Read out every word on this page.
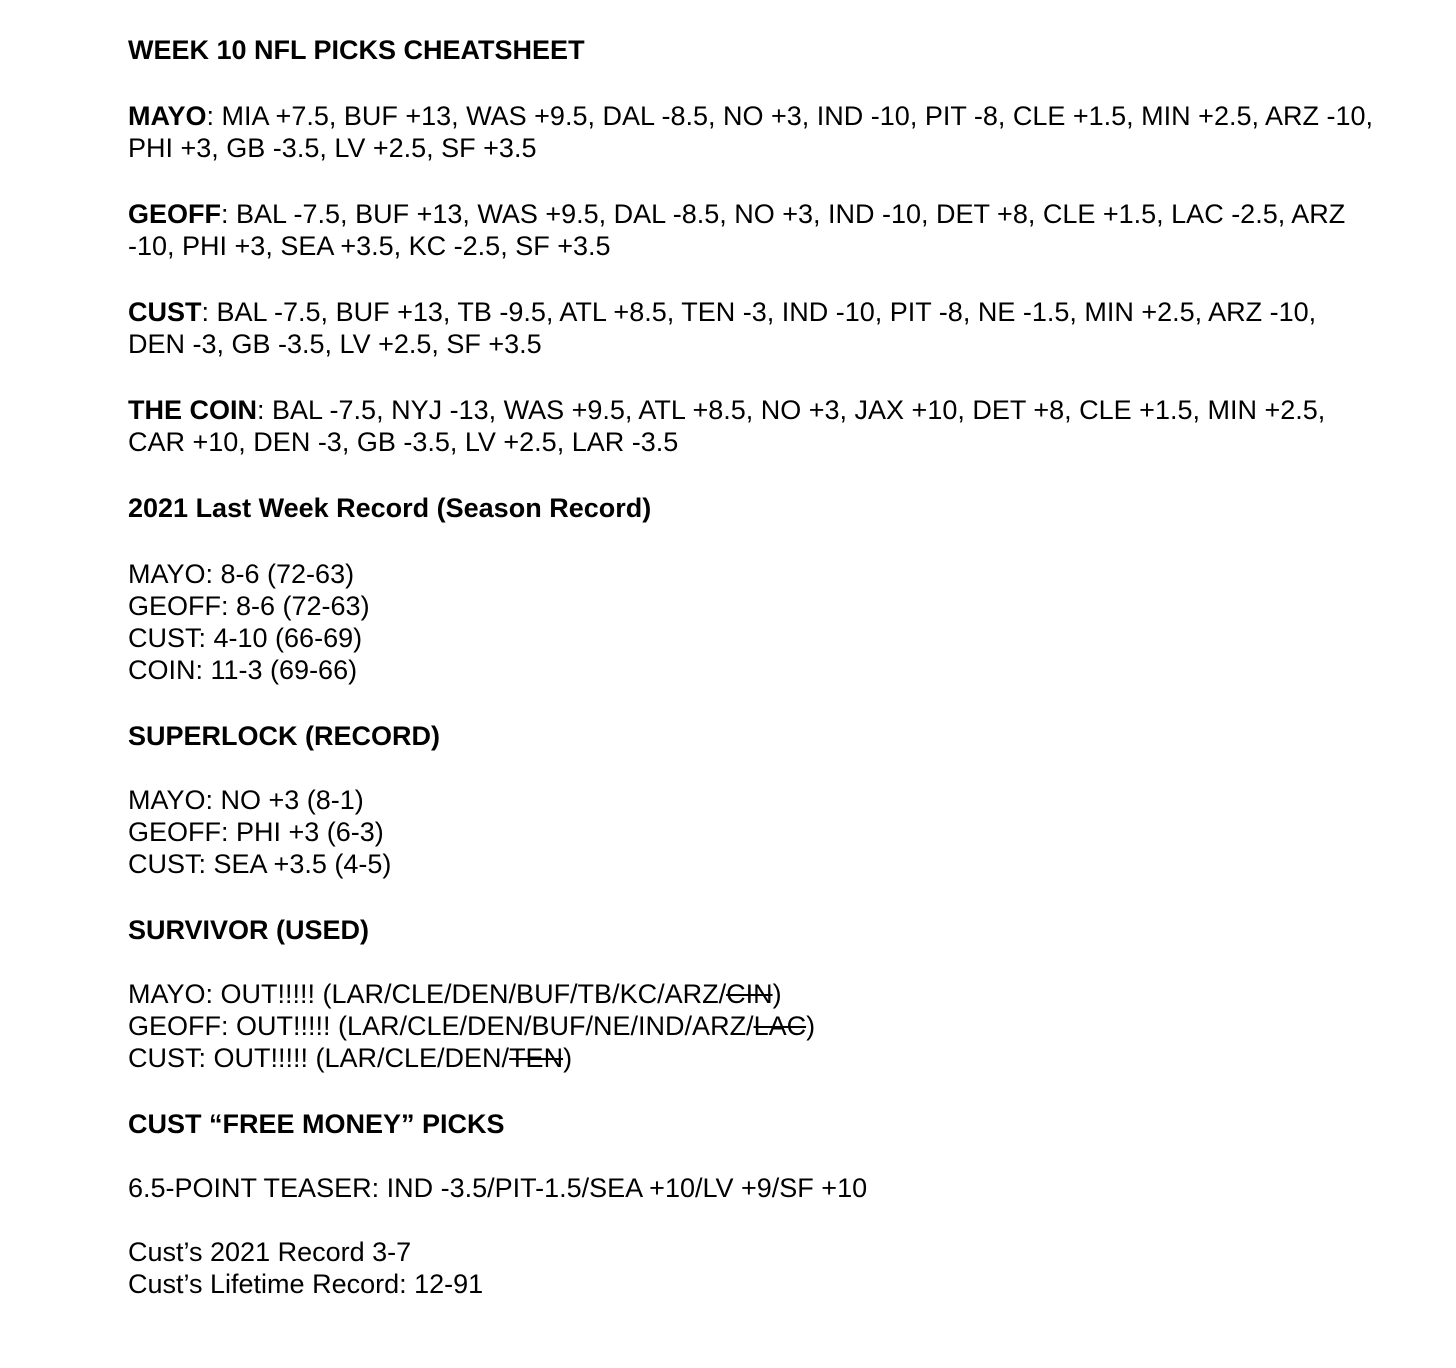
WEEK 10 NFL PICKS CHEATSHEET

MAYO: MIA +7.5, BUF +13, WAS +9.5, DAL -8.5, NO +3, IND -10, PIT -8, CLE +1.5, MIN +2.5, ARZ -10, PHI +3, GB -3.5, LV +2.5, SF +3.5

GEOFF: BAL -7.5, BUF +13, WAS +9.5, DAL -8.5, NO +3, IND -10, DET +8, CLE +1.5, LAC -2.5, ARZ -10, PHI +3, SEA +3.5, KC -2.5, SF +3.5

CUST: BAL -7.5, BUF +13, TB -9.5, ATL +8.5, TEN -3, IND -10, PIT -8, NE -1.5, MIN +2.5, ARZ -10, DEN -3, GB -3.5, LV +2.5, SF +3.5

THE COIN: BAL -7.5, NYJ -13, WAS +9.5, ATL +8.5, NO +3, JAX +10, DET +8, CLE +1.5, MIN +2.5, CAR +10, DEN -3, GB -3.5, LV +2.5, LAR -3.5

2021 Last Week Record (Season Record)

MAYO: 8-6 (72-63)

GEOFF: 8-6 (72-63)

CUST: 4-10 (66-69)

COIN: 11-3 (69-66)

SUPERLOCK (RECORD)

MAYO: NO +3 (8-1)

GEOFF: PHI +3 (6-3)

CUST: SEA +3.5 (4-5)

SURVIVOR (USED)

MAYO: OUT!!!!! (LAR/CLE/DEN/BUF/TB/KC/ARZ/CIN)

GEOFF: OUT!!!!! (LAR/CLE/DEN/BUF/NE/IND/ARZ/LAC)

CUST: OUT!!!!! (LAR/CLE/DEN/TEN)

CUST “FREE MONEY” PICKS

6.5-POINT TEASER: IND -3.5/PIT-1.5/SEA +10/LV +9/SF +10

Cust’s 2021 Record 3-7

Cust’s Lifetime Record: 12-91
